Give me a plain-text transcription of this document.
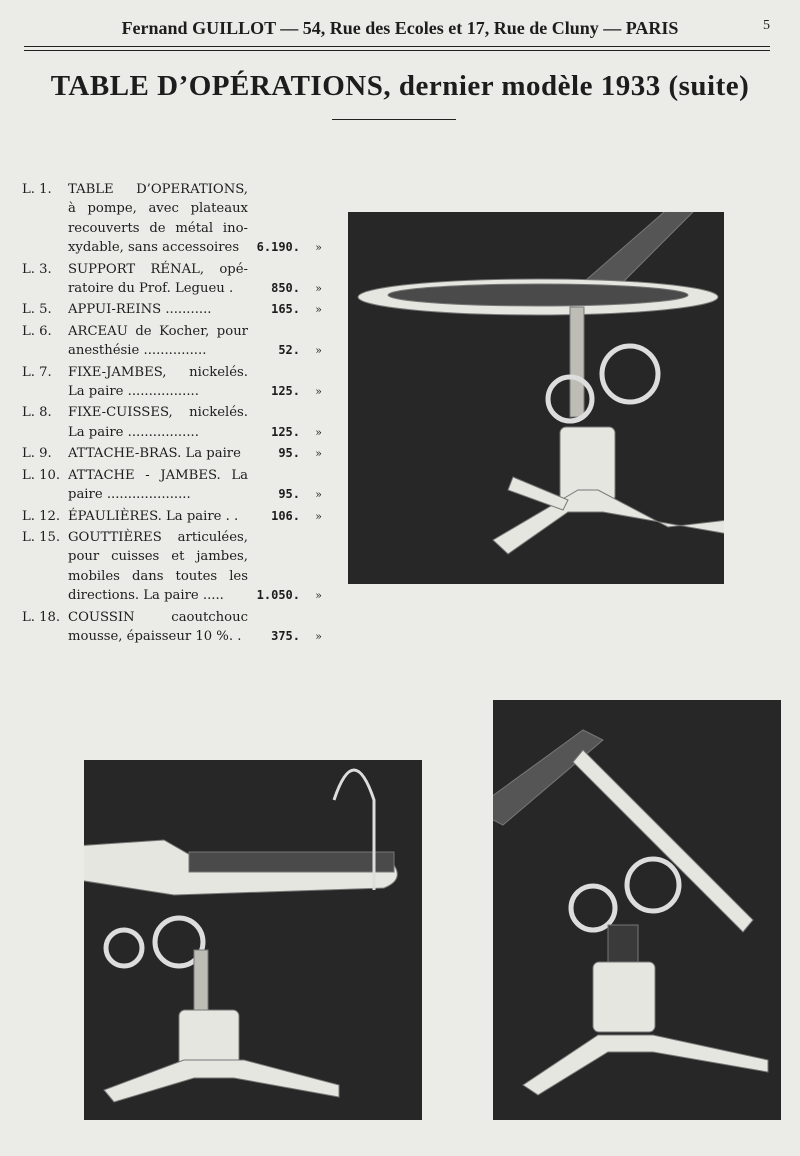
Fernand GUILLOT — 54, Rue des Ecoles et 17, Rue de Cluny — PARIS	5
TABLE D’OPÉRATIONS, dernier modèle 1933 (suite)
L. 1.	TABLE D’OPERATIONS,
à pompe, avec plateaux
recouverts de métal ino-
xydable, sans accessoires	6.190.	»
L. 3.	SUPPORT RÉNAL, opé-
ratoire du Prof. Legueu .	850.	»
L. 5.	APPUI-REINS ...........	165.	»
L. 6.	ARCEAU de Kocher, pour
anesthésie ...............	52.	»
L. 7.	FIXE-JAMBES, nickelés.
La paire .................	125.	»
L. 8.	FIXE-CUISSES, nickelés.
La paire .................	125.	»
L. 9.	ATTACHE-BRAS. La paire	95.	»
L. 10. ATTACHE - JAMBES. La
paire ....................	95.	»
L. 12. ÉPAULIÈRES. La paire . .	106.	»
L. 15. GOUTTIÈRES articulées,
pour cuisses et jambes,
mobiles dans toutes les
directions. La paire .....	1.050.	»
L. 18. COUSSIN caoutchouc
mousse, épaisseur 10 %. .	375.	»
